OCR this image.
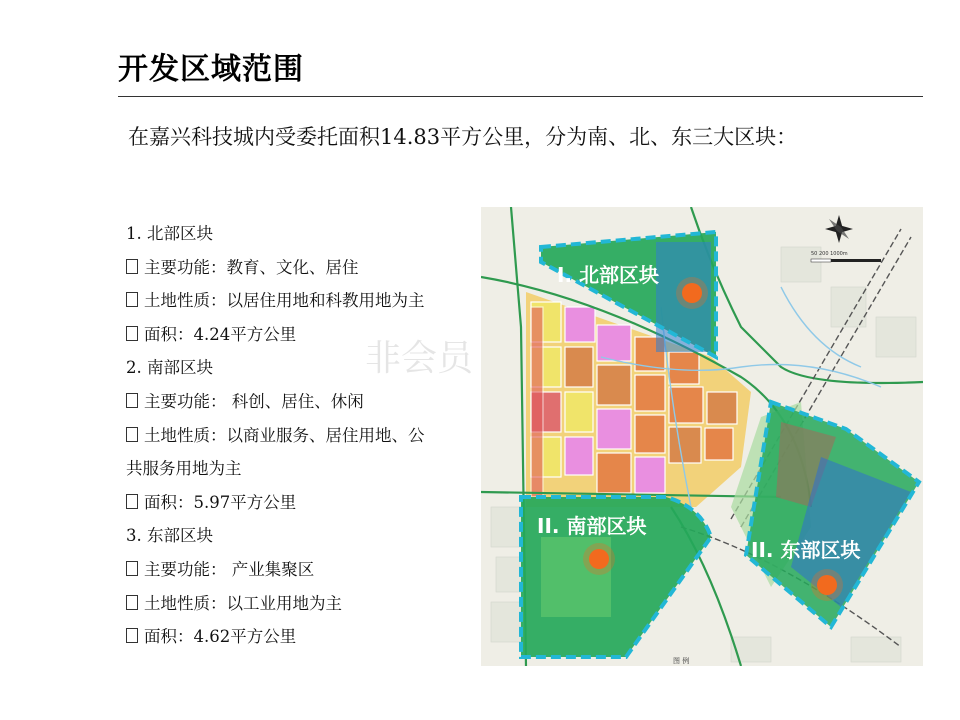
开发区域范围
在嘉兴科技城内受委托面积14.83平方公里，分为南、北、东三大区块：
1. 北部区块
主要功能：教育、文化、居住
土地性质：以居住用地和科教用地为主
面积：4.24平方公里
2. 南部区块
主要功能： 科创、居住、休闲
土地性质：以商业服务、居住用地、公
共服务用地为主
面积：5.97平方公里
3. 东部区块
主要功能： 产业集聚区
土地性质：以工业用地为主
面积：4.62平方公里
I. 北部区块
II. 南部区块
II. 东部区块
50 200 1000m
图 例
非会员
